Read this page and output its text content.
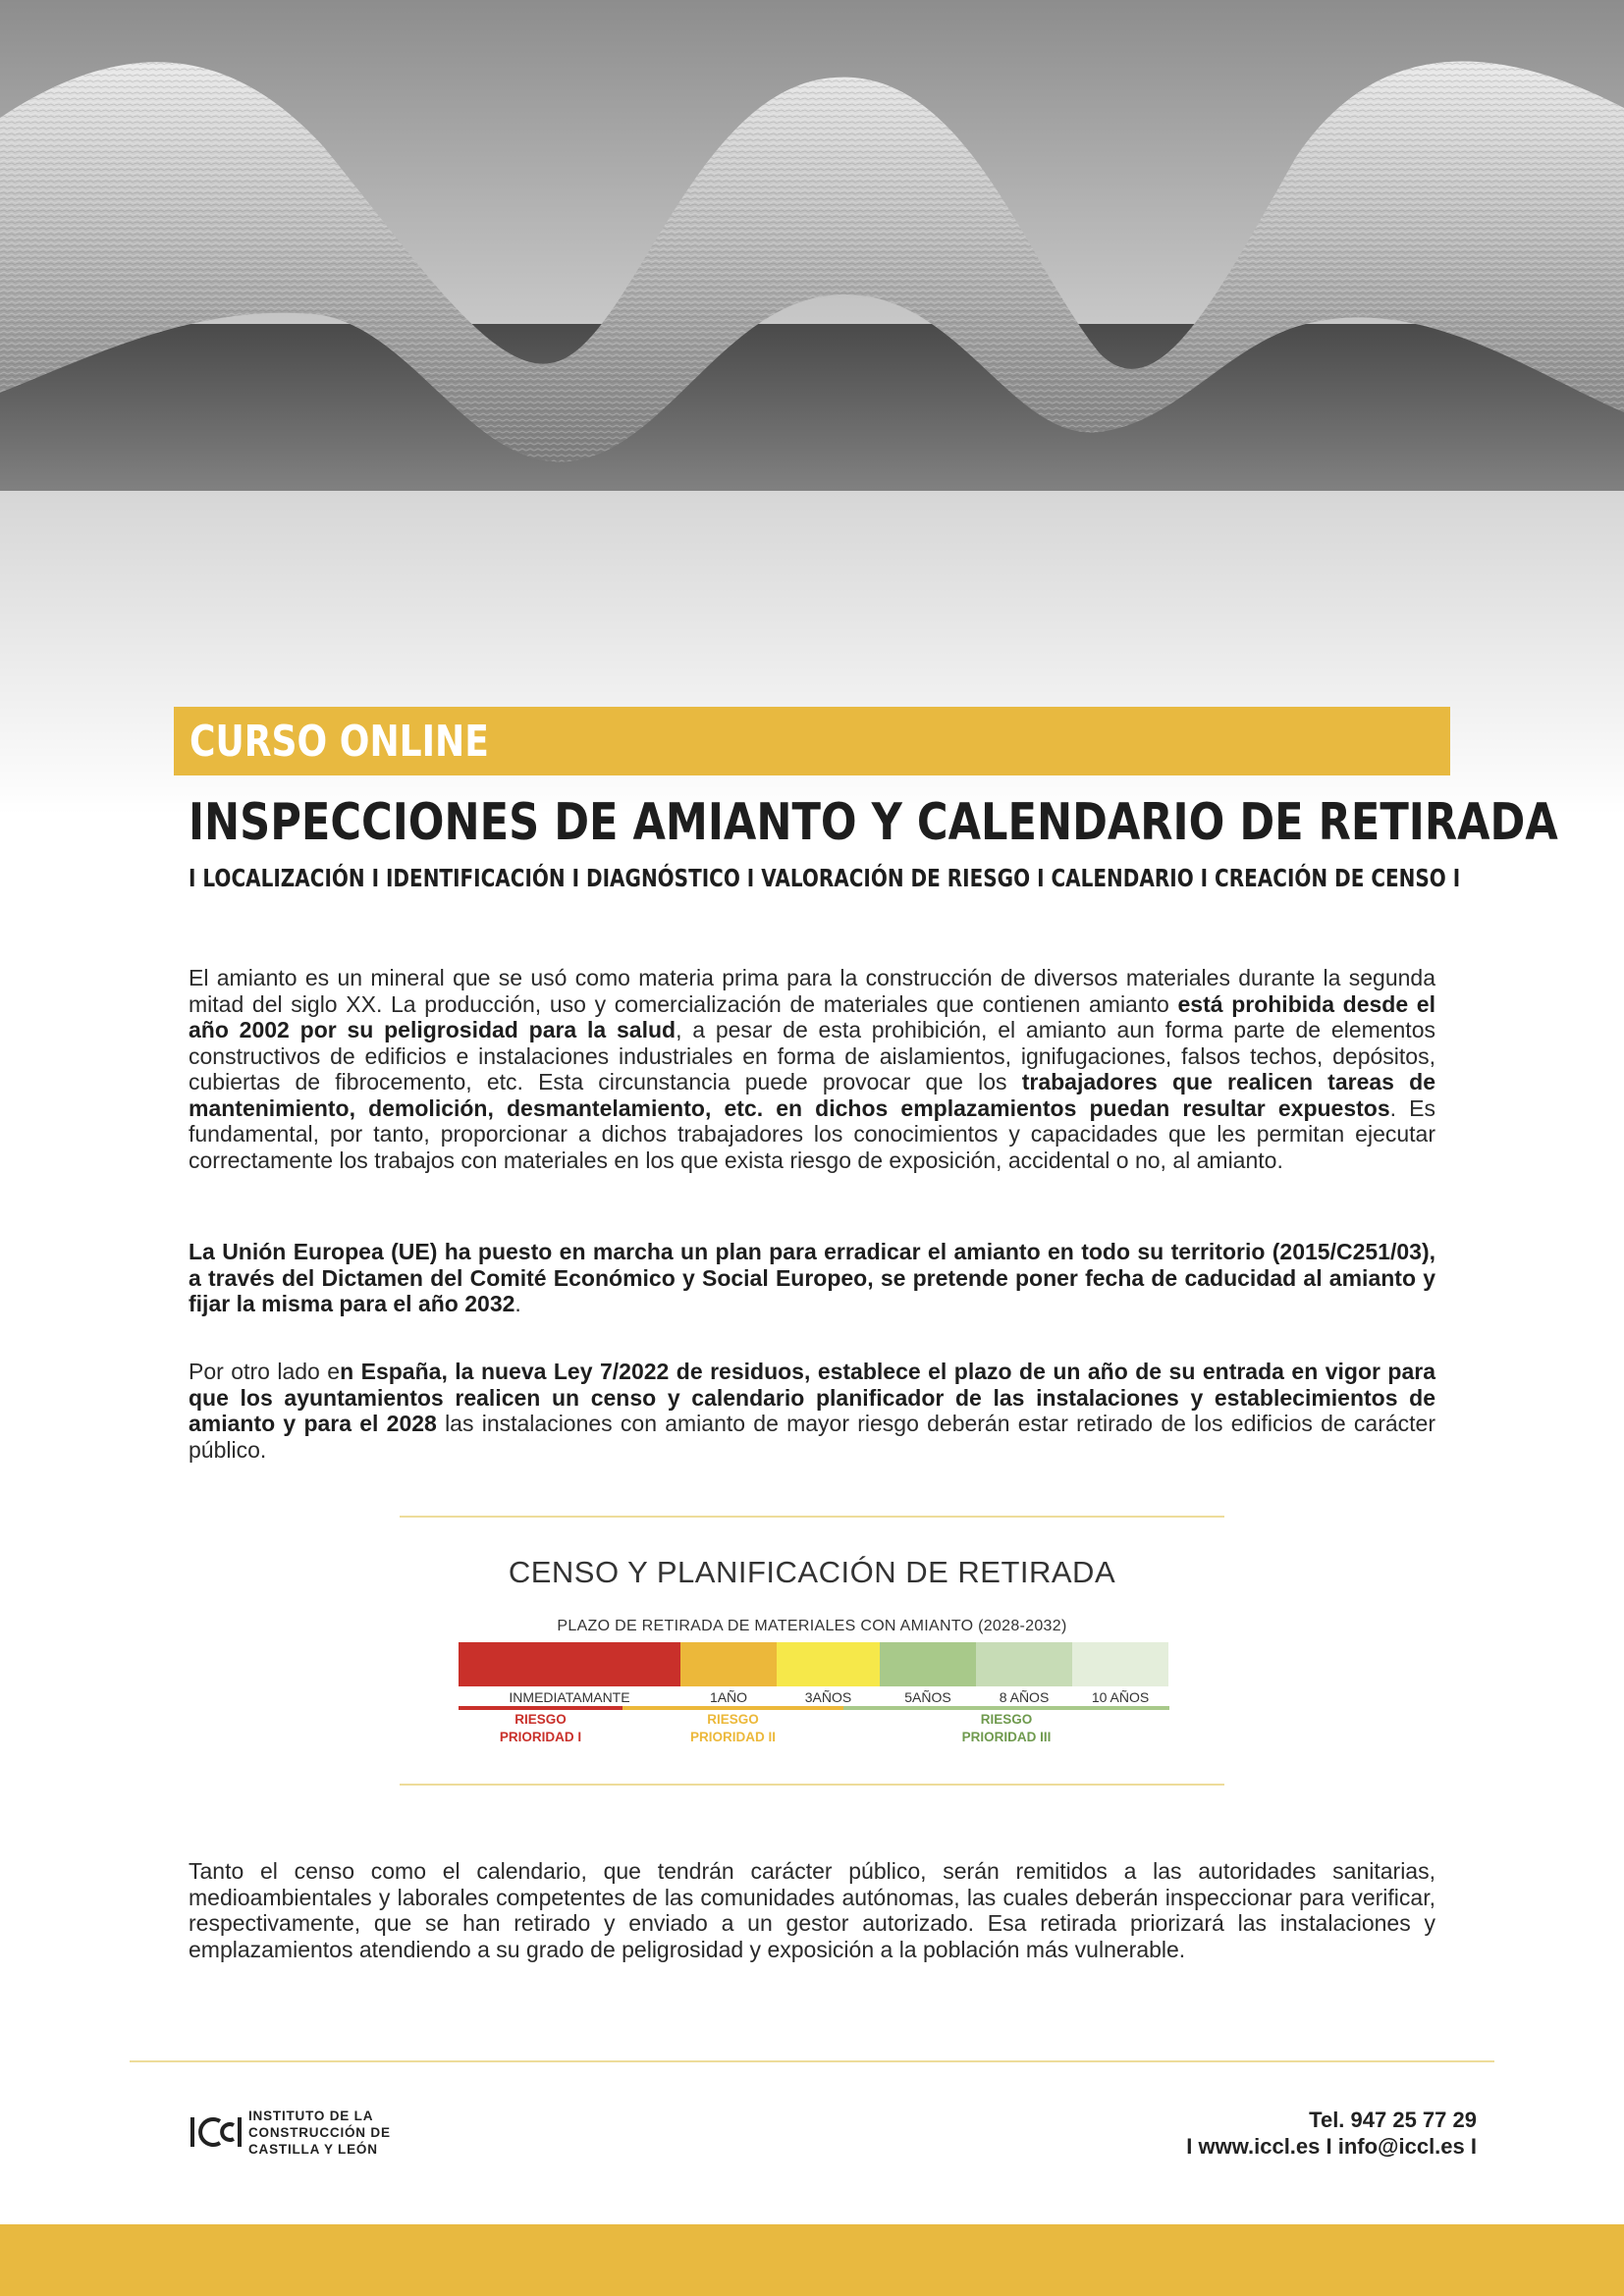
CURSO ONLINE
INSPECCIONES DE AMIANTO Y CALENDARIO DE RETIRADA
I LOCALIZACIÓN I IDENTIFICACIÓN I DIAGNÓSTICO I VALORACIÓN DE RIESGO I CALENDARIO I CREACIÓN DE CENSO I
El amianto es un mineral que se usó como materia prima para la construcción de diversos materiales durante la segunda mitad del siglo XX. La producción, uso y comercialización de materiales que contienen amianto está prohibida desde el año 2002 por su peligrosidad para la salud, a pesar de esta prohibición, el amianto aun forma parte de elementos constructivos de edificios e instalaciones industriales en forma de aislamientos, ignifugaciones, falsos techos, depósitos, cubiertas de fibrocemento, etc. Esta circunstancia puede provocar que los trabajadores que realicen tareas de mantenimiento, demolición, desmantelamiento, etc. en dichos emplazamientos puedan resultar expuestos. Es fundamental, por tanto, proporcionar a dichos trabajadores los conocimientos y capacidades que les permitan ejecutar correctamente los trabajos con materiales en los que exista riesgo de exposición, accidental o no, al amianto.
La Unión Europea (UE) ha puesto en marcha un plan para erradicar el amianto en todo su territorio (2015/C251/03), a través del Dictamen del Comité Económico y Social Europeo, se pretende poner fecha de caducidad al amianto y fijar la misma para el año 2032.
Por otro lado en España, la nueva Ley 7/2022 de residuos, establece el plazo de un año de su entrada en vigor para que los ayuntamientos realicen un censo y calendario planificador de las instalaciones y establecimientos de amianto y para el 2028 las instalaciones con amianto de mayor riesgo deberán estar retirado de los edificios de carácter público.
CENSO Y PLANIFICACIÓN DE RETIRADA
PLAZO DE RETIRADA DE MATERIALES CON AMIANTO (2028-2032)
INMEDIATAMANTE	1AÑO	3AÑOS	5AÑOS	8 AÑOS	10 AÑOS
RIESGO
PRIORIDAD I
RIESGO
PRIORIDAD II
RIESGO
PRIORIDAD III
Tanto el censo como el calendario, que tendrán carácter público, serán remitidos a las autoridades sanitarias, medioambientales y laborales competentes de las comunidades autónomas, las cuales deberán inspeccionar para verificar, respectivamente, que se han retirado y enviado a un gestor autorizado. Esa retirada priorizará las instalaciones y emplazamientos atendiendo a su grado de peligrosidad y exposición a la población más vulnerable.
INSTITUTO DE LA
CONSTRUCCIÓN DE
CASTILLA Y LEÓN
Tel. 947 25 77 29
I www.iccl.es I info@iccl.es I
